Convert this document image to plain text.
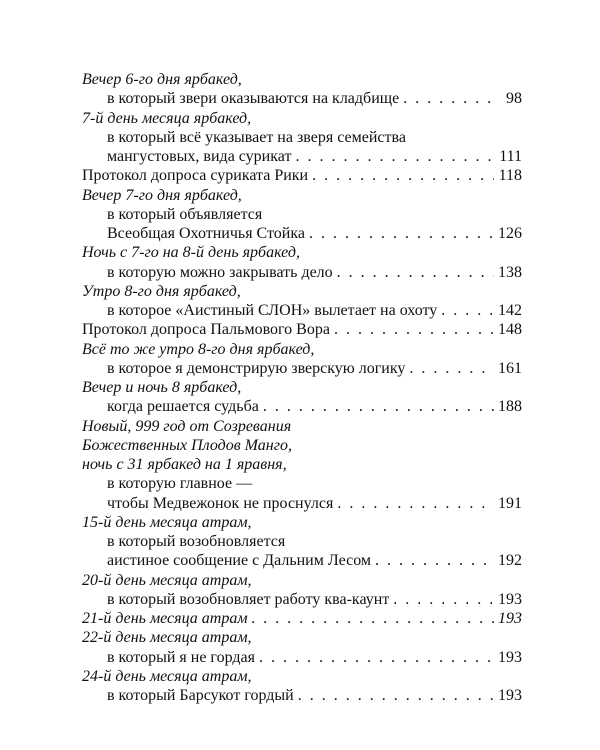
Вечер 6-го дня ярбакед,
в который звери оказываются на кладбище . . .	98
7-й день месяца ярбакед,
в который всё указывает на зверя семейства
мангустовых, вида сурикат . . .	111
Протокол допроса суриката Рики . . .	118
Вечер 7-го дня ярбакед,
в который объявляется
Всеобщая Охотничья Стойка . . .	126
Ночь с 7-го на 8-й день ярбакед,
в которую можно закрывать дело . . .	138
Утро 8-го дня ярбакед,
в которое «Аистиный СЛОН» вылетает на охоту . . .	142
Протокол допроса Пальмового Вора . . .	148
Всё то же утро 8-го дня ярбакед,
в которое я демонстрирую зверскую логику . . .	161
Вечер и ночь 8 ярбакед,
когда решается судьба . . .	188
Новый, 999 год от Созревания
Божественных Плодов Манго,
ночь с 31 ярбакед на 1 яравня,
в которую главное —
чтобы Медвежонок не проснулся . . .	191
15-й день месяца атрам,
в который возобновляется
аистиное сообщение с Дальним Лесом . . .	192
20-й день месяца атрам,
в который возобновляет работу ква-каунт . . .	193
21-й день месяца атрам . . .	193
22-й день месяца атрам,
в который я не гордая . . .	193
24-й день месяца атрам,
в который Барсукот гордый . . .	193
